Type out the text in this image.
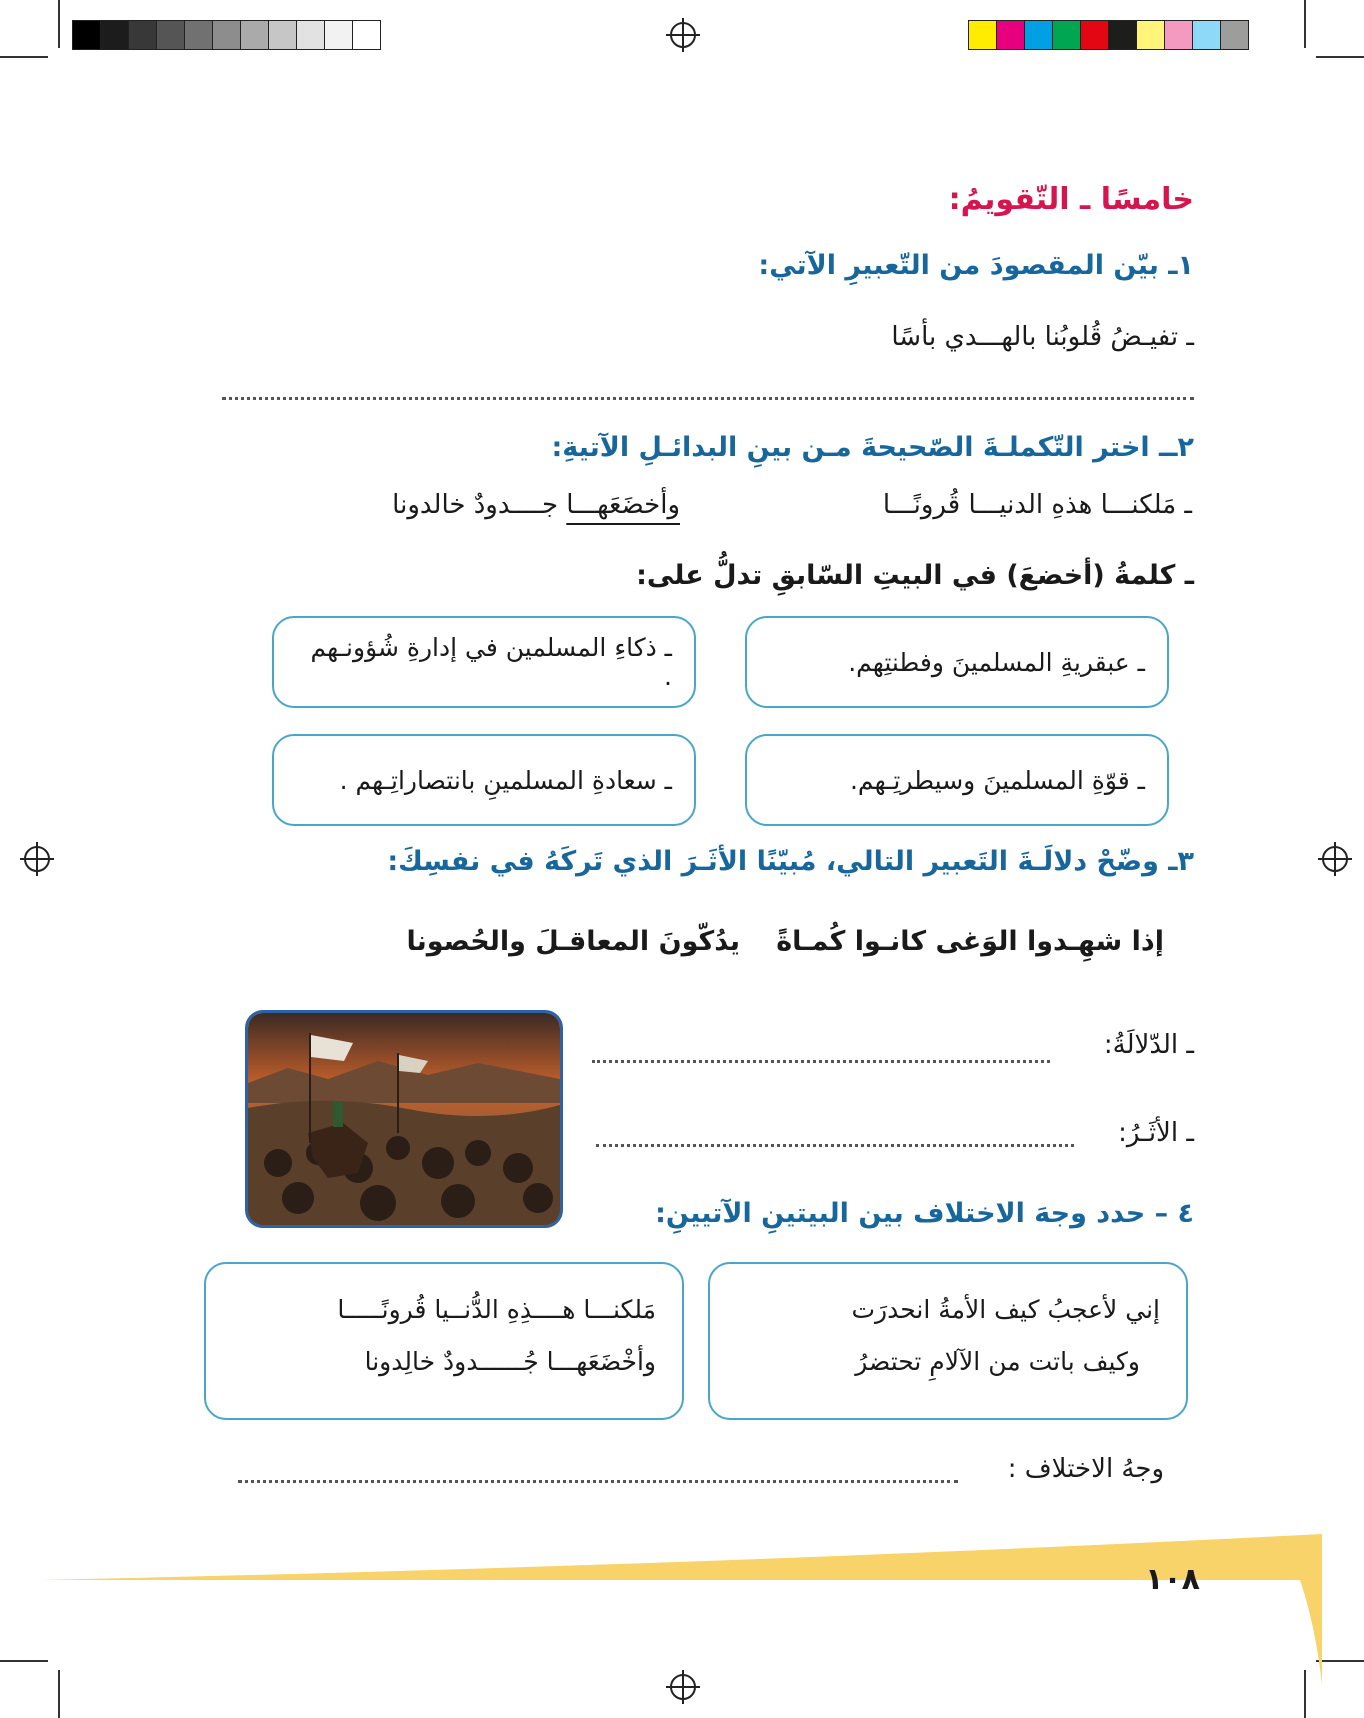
خامسًا ـ التّقويمُ:
١ـ بيّن المقصودَ من التّعبيرِ الآتي:
ـ تفيـضُ قُلوبُنا بالهـــدي بأسًا
٢ــ اختر التّكملـةَ الصّحيحةَ مـن بينِ البدائـلِ الآتيةِ:
ـ مَلكنـــا هذهِ الدنيـــا قُرونًـــا
وأخضَعَهـــا جــــدودٌ خالدونا
ـ كلمةُ (أخضعَ) في البيتِ السّابقِ تدلُّ على:
ـ عبقريةِ المسلمينَ وفطنتِهم.
ـ ذكاءِ المسلمين في إدارةِ شُؤونـهم .
ـ قوّةِ المسلمينَ وسيطرتِـهم.
ـ سعادةِ المسلمينِ بانتصاراتِـهم .
٣ـ وضّحْ دلالَـةَ التَعبير التالي، مُبيّنًا الأثَـرَ الذي تَركَهُ في نفسِكَ:
إذا شهِـدوا الوَغى كانـوا كُمـاةً
يدُكّونَ المعاقـلَ والحُصونا
ـ الدّلالَةُ:
ـ الأثَـرُ:
٤ – حدد وجهَ الاختلاف بين البيتينِ الآتيينِ:
إني لأعجبُ كيف الأمةُ انحدرَت
وكيف باتت من الآلامِ تحتضرُ
مَلكنـــا هــــذِهِ الدُّنــيا قُرونًـــــا
وأخْضَعَهـــا جُــــــدودٌ خالِدونا
وجهُ الاختلاف :
١٠٨
